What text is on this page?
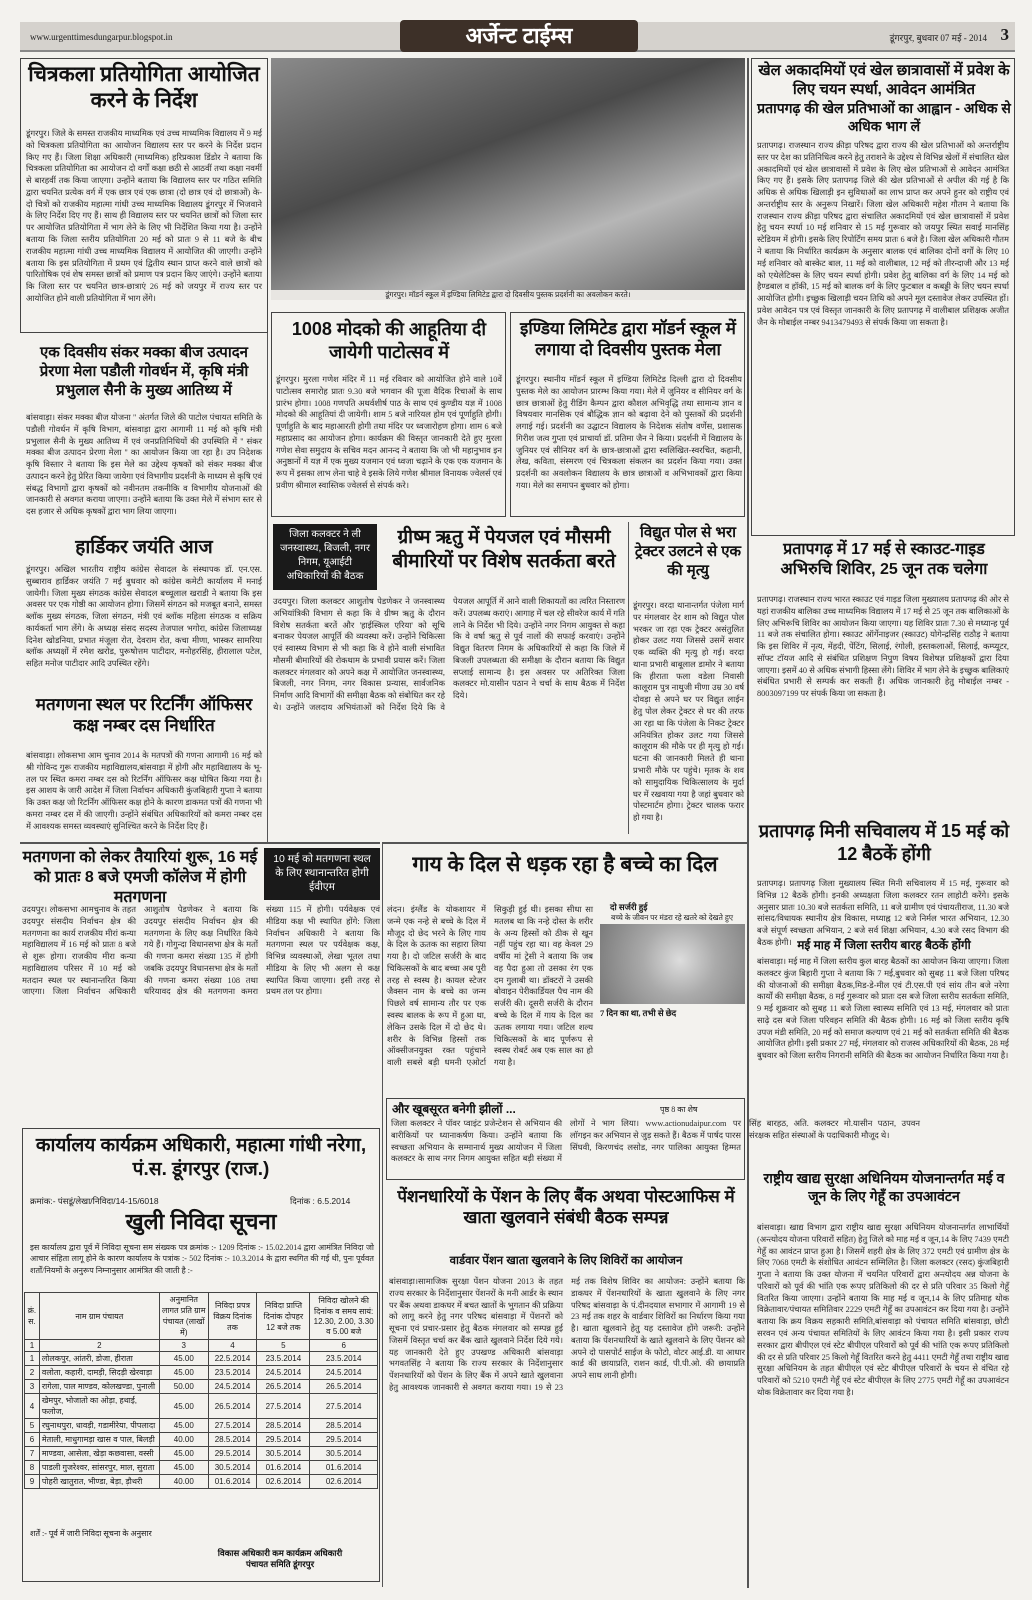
www.urgenttimesdungarpur.blogspot.in	अर्जेन्ट टाईम्स	डूंगरपुर, बुधवार 07 मई - 2014 3
चित्रकला प्रतियोगिता आयोजित करने के निर्देश
डूंगरपुर। जिले के समस्त राजकीय माध्यमिक एवं उच्च माध्यमिक विद्यालय में 9 मई को चित्रकला प्रतियोगिता का आयोजन विद्यालय स्तर पर करने के निर्देश प्रदान किए गए हैं। जिला शिक्षा अधिकारी (माध्यमिक) हरिप्रकाश डिंडोर ने बताया कि चित्रकला प्रतियोगिता का आयोजन दो वर्गों कक्षा छठी से आठवीं तथा कक्षा नवमीं से बारहवीं तक किया जाएगा। उन्होंने बताया कि विद्यालय स्तर पर गठित समिति द्वारा चयनित प्रत्येक वर्ग में एक छात्र एवं एक छात्रा (दो छात्र एवं दो छात्राओं) के- दो चित्रों को राजकीय महात्मा गांधी उच्च माध्यमिक विद्यालय डूंगरपुर में भिजवाने के लिए निर्देश दिए गए हैं। साथ ही विद्यालय स्तर पर चयनित छात्रों को जिला स्तर पर आयोजित प्रतियोगिता में भाग लेने के लिए भी निर्देशित किया गया है। उन्होंने बताया कि जिला स्तरीय प्रतियोगिता 20 मई को प्रातः 9 से 11 बजे के बीच राजकीय महात्मा गांधी उच्च माध्यमिक विद्यालय में आयोजित की जाएगी। उन्होंने बताया कि इस प्रतियोगिता में प्रथम एवं द्वितीय स्थान प्राप्त करने वाले छात्रों को पारितोषिक एवं शेष समस्त छात्रों को प्रमाण पत्र प्रदान किए जाएंगे। उन्होंने बताया कि जिला स्तर पर चयनित छात्र-छात्राएं 26 मई को जयपुर में राज्य स्तर पर आयोजित होने वाली प्रतियोगिता में भाग लेंगे।
एक दिवसीय संकर मक्का बीज उत्पादन प्रेरणा मेला पडौली गोवर्धन में, कृषि मंत्री प्रभुलाल सैनी के मुख्य आतिथ्य में
बांसवाड़ा। संकर मक्का बीज योजना '' अंतर्गत जिले की पाटोल पंचायत समिति के पडौली गोवर्धन में कृषि विभाग, बांसवाड़ा द्वारा आगामी 11 मई को कृषि मंत्री प्रभुलाल सैनी के मुख्य आतिथ्य में एवं जनप्रतिनिधियों की उपस्थिति में '' संकर मक्का बीज उत्पादन प्रेरणा मेला '' का आयोजन किया जा रहा है। उप निदेशक कृषि विस्तार ने बताया कि इस मेले का उद्देश्य कृषकों को संकर मक्का बीज उत्पादन करने हेतु प्रेरित किया जायेगा एवं विभागीय प्रदर्शनी के माध्यम से कृषि एवं संबद्ध विभागों द्वारा कृषकों को नवीनतम तकनीकि व विभागीय योजनाओं की जानकारी से अवगत कराया जाएगा। उन्होंने बताया कि उक्त मेले में संभाग स्तर से दस हजार से अधिक कृषकों द्वारा भाग लिया जाएगा।
हार्डिकर जयंति आज
डूंगरपुर। अखिल भारतीय राष्ट्रीय कांग्रेस सेवादल के संस्थापक डॉ. एन.एस. सुब्बाराव हार्डिकर जयंति 7 मई बुधवार को कांग्रेस कमेटी कार्यालय में मनाई जायेगी। जिला मुख्य संगठक कांग्रेस सेवादल बच्चूलाल खराडी ने बताया कि इस अवसर पर एक गोष्ठी का आयोजन होगा। जिसमें संगठन को मजबूत बनाने, समस्त ब्लॉक मुख्य संगठक, जिला संगठन, मंत्री एवं ब्लॉक महिला संगठक व सक्रिय कार्यकर्ता भाग लेंगे। के अध्यक्ष संसद सदस्य तेजपाल भगोरा, कांग्रेस जिलाध्यक्ष दिनेश खोडनिया, प्रभात मंजूला रोत, देवराम रोत, कचा मीणा, भास्कर सामरिया ब्लॉक अध्यक्षों में रमेश खरोड, पुरूषोत्तम पाटीदार, मनोहरसिंह, हीरालाल पटेल, सहित मनोज पाटीदार आदि उपस्थित रहेंगे।
मतगणना स्थल पर रिटर्निंग ऑफिसर कक्ष नम्बर दस निर्धारित
बांसवाड़ा। लोकसभा आम चुनाव 2014 के मतपत्रों की गणना आगामी 16 मई को श्री गोविन्द गुरू राजकीय महाविद्यालय,बांसवाड़ा में होगी और महाविद्यालय के भू-तल पर स्थित कमरा नम्बर दस को रिटर्निंग ऑफिसर कक्ष घोषित किया गया है। इस आशय के जारी आदेश में जिला निर्वाचन अधिकारी कुंजबिहारी गुप्ता ने बताया कि उक्त कक्ष जो रिटर्निंग ऑफिसर कक्ष होने के कारण डाकमत पत्रों की गणना भी कमरा नम्बर दस में की जाएगी। उन्होंने संबंधित अधिकारियों को कमरा नम्बर दस में आवश्यक समस्त व्यवस्थाएं सुनिश्चित करने के निर्देश दिए हैं।
मतगणना को लेकर तैयारियां शुरू, 16 मई को प्रातः 8 बजे एमजी कॉलेज में होगी मतगणना
10 मई को मतगणना स्थल के लिए स्थानान्तरित होगी ईवीएम
उदयपुर। लोकसभा आमचुनाव के तहत उदयपुर संसदीय निर्वाचन क्षेत्र की मतगणना का कार्य राजकीय मीरां कन्या महाविद्यालय में 16 मई को प्रातः 8 बजे से शुरू होगा। राजकीय मीरा कन्या महाविद्यालय परिसर में 10 मई को मतदान स्थल पर स्थानान्तरित किया जाएगा। जिला निर्वाचन अधिकारी आशुतोष पेडणेकर ने बताया कि उदयपुर संसदीय निर्वाचन क्षेत्र की मतगणना के लिए कक्ष निर्धारित किये गये हैं। गोगुन्दा विधानसभा क्षेत्र के मतों की गणना कमरा संख्या 135 में होगी जबकि उदयपुर विधानसभा क्षेत्र के मतों की गणना कमरा संख्या 108 तथा धरियावद क्षेत्र की मतगणना कमरा संख्या 115 में होगी। पर्यवेक्षक एवं मीडिया कक्ष भी स्थापित होंगे: जिला निर्वाचन अधिकारी ने बताया कि मतगणना स्थल पर पर्यवेक्षक कक्ष, विभिन्न व्यवस्थाओं, लेखा भूतल तथा मीडिया के लिए भी अलग से कक्ष स्थापित किया जाएगा। इसी तरह से प्रथम तल पर होगा।
कार्यालय कार्यक्रम अधिकारी, महात्मा गांधी नरेगा, पं.स. डूंगरपुर (राज.)
क्रमांक:- पंसडूं/लेखा/निविदा/14-15/6018	दिनांक : 6.5.2014
खुली निविदा सूचना
इस कार्यालय द्वारा पूर्व में निविदा सूचना सम संख्यक पत्र क्रमांक :- 1209 दिनांक :- 15.02.2014 द्वारा आमंत्रित निविदा जो आचार संहिता लागू होने के कारण कार्यालय के पत्रांक :- 502 दिनांक :- 10.3.2014 के द्वारा स्थगित की गई थी, पुनः पूर्ववत शर्तों/नियमों के अनुरूप निम्नानुसार आमंत्रित की जाती है :-
क्रं. स.	नाम ग्राम पंचायत	अनुमानित लागत प्रति ग्राम पंचायत (लाखों में)	निविदा प्रपत्र विक्रय दिनांक तक	निविदा प्राप्ति दिनांक दोपहर 12 बजे तक	निविदा खोलने की दिनांक व समय सायं: 12.30, 2.00, 3.30 व 5.00 बजे
1	2	3	4	5	6
1	लोलकपुर, आंतरी, डोजा, हीराता	45.00	22.5.2014	23.5.2014	23.5.2014
2	वलोता, कहारी, दामड़ी, सिदड़ी खेरवाड़ा	45.00	23.5.2014	24.5.2014	24.5.2014
3	रागेला, पाल माण्डव, कोलखण्डा, पुनाली	50.00	24.5.2014	26.5.2014	26.5.2014
4	खेमपुर, भोजातो का ओड़ा, हथाई, फलोज,	45.00	26.5.2014	27.5.2014	27.5.2014
5	रघुनाथपुरा, धावड़ी, गडामीरेया, पीपलादा	45.00	27.5.2014	28.5.2014	28.5.2014
6	मेताली, माधुगामड़ा खास व पाल, बिलड़ी	40.00	28.5.2014	29.5.2014	29.5.2014
7	माण्डवा, आसेला, खेड़ा कछवासा, वस्सी	45.00	29.5.2014	30.5.2014	30.5.2014
8	पाडली गुजरेश्वर, सांसरपुर, माल, सुराता	45.00	30.5.2014	01.6.2014	01.6.2014
9	पोहरी खातुरात, भीण्डा, बेड़ा, ड़ौथरी	40.00	01.6.2014	02.6.2014	02.6.2014
शर्तें :- पूर्व में जारी निविदा सूचना के अनुसार
विकास अधिकारी कम कार्यक्रम अधिकारी
पंचायत समिति डूंगरपुर
डूंगरपुर। मॉडर्न स्कूल में इण्डिया लिमिटेड द्वारा दो दिवसीय पुस्तक प्रदर्शनी का अवलोकन करते।
1008 मोदको की आहूतिया दी जायेगी पाटोत्सव में
डूंगरपुर। मुरला गणेश मंदिर में 11 मई रविवार को आयोजित होने वाले 10वें पाटोत्सव समारोह प्रातः 9.30 बजे भगवान की पूजा वैदिक रिचाओं के साथ प्रारंभ होगा। 1008 गणपति अथर्वशीर्ष पाठ के साथ एवं कुण्डीय यज्ञ में 1008 मोदको की आहूतियां दी जायेगी। शाम 5 बजे नारियल होम एवं पूर्णाहुति होगी। पूर्णाहुति के बाद महाआरती होगी तथा मंदिर पर ध्वजारोहण होगा। शाम 6 बजे महाप्रसाद का आयोजन होगा। कार्यक्रम की विस्तृत जानकारी देते हुए मुरला गणेश सेवा समुदाय के सचिव मदन आनन्द ने बताया कि जो भी महानुभाव इन अनुष्ठानों में यज्ञ में एक मुख्य यजमान एवं ध्वजा चढ़ाने के एक एक यजमान के रूप में इसका लाभ लेना चाहे वे इसके लिये गणेश श्रीमाल विनायक ज्वेलर्स एवं प्रवीण श्रीमाल स्वास्तिक ज्वेलर्स से संपर्क करे।
इण्डिया लिमिटेड द्वारा मॉडर्न स्कूल में लगाया दो दिवसीय पुस्तक मेला
डूंगरपुर। स्थानीय मॉडर्न स्कूल में इण्डिया लिमिटेड दिल्ली द्वारा दो दिवसीय पुस्तक मेले का आयोजन प्रारम्भ किया गया। मेले में जुनियर व सीनियर वर्ग के छात्र छात्राओं हेतु रीडिंग कैम्पन द्वारा कौशल अभिवृद्धि तथा सामान्य ज्ञान व विषयवार मानसिक एवं बौद्धिक ज्ञान को बढ़ावा देने को पुस्तकों की प्रदर्शनी लगाई गई। प्रदर्शनी का उद्घाटन विद्यालय के निदेशक संतोष वर्णेस, प्रशासक गिरीश जत्व गुप्ता एवं प्राचार्या डॉ. प्रतिमा जैन ने किया। प्रदर्शनी में विद्यालय के जुनियर एवं सीनियर वर्ग के छात्र-छात्राओं द्वारा स्वलिखित-स्वरचित, कहानी, लेख, कविता, संस्मरण एवं चित्रकला संकलन का प्रदर्शन किया गया। उक्त प्रदर्शनी का अवलोकन विद्यालय के छात्र छात्राओं व अभिभावकों द्वारा किया गया। मेले का समापन बुधवार को होगा।
जिला कलक्टर ने ली जनस्वास्थ्य, बिजली, नगर निगम, यूआईटी अधिकारियों की बैठक
ग्रीष्म ऋतु में पेयजल एवं मौसमी बीमारियों पर विशेष सतर्कता बरते
उदयपुर। जिला कलक्टर आशुतोष पेडणेकर ने जनस्वास्थ्य अभियांत्रिकी विभाग से कहा कि वे ग्रीष्म ऋतु के दौरान विशेष सतर्कता बरतें और 'हाईस्किल एरिया' को सूचि बनाकर पेयजल आपूर्ति की व्यवस्था करें। उन्होंने चिकित्सा एवं स्वास्थ्य विभाग से भी कहा कि वे होने वाली संभावित मौसमी बीमारियों की रोकथाम के प्रभावी प्रयास करें। जिला कलक्टर मंगलवार को अपने कक्ष में आयोजित जनस्वास्थ्य, बिजली, नगर निगम, नगर विकास प्रन्यास, सार्वजनिक निर्माण आदि विभागों की समीक्षा बैठक को संबोधित कर रहे थे। उन्होंने जलदाय अभियंताओं को निर्देश दिये कि वे पेयजल आपूर्ति में आने वाली शिकायतों का त्वरित निस्तारण करें। उपलब्ध कराएं। आगाह में चल रहे सीवरेज कार्य में गति लाने के निर्देश भी दिये। उन्होंने नगर निगम आयुक्त से कहा कि वे वर्षा ऋतु से पूर्व नालों की सफाई करवाएं। उन्होंने विद्युत वितरण निगम के अधिकारियों से कहा कि जिले में बिजली उपलब्धता की समीक्षा के दौरान बताया कि विद्युत सप्लाई सामान्य है। इस अवसर पर अतिरिक्त जिला कलक्टर मो.यासीन पठान ने चर्चा के साथ बैठक में निर्देश दिये।
विद्युत पोल से भरा ट्रेक्टर उलटने से एक की मृत्यु
डूंगरपुर। वरदा थानान्तर्गत पंजेला मार्ग पर मंगलवार देर शाम को विद्युत पोल भरकर जा रहा एक ट्रेक्टर असंतुलित होकर उलट गया जिससे उसमें सवार एक व्यक्ति की मृत्यु हो गई। वरदा थाना प्रभारी बाबूलाल डामोर ने बताया कि हीराता फला वडेला निवासी कालूराम पुत्र नाथुजी मीणा उम्र 30 वर्ष दोवड़ा से अपने घर पर विद्युत लाईन हेतु पोल लेकर ट्रेक्टर से घर की तरफ आ रहा था कि पंजेला के निकट ट्रेक्टर अनियंत्रित होकर उलट गया जिससे कालूराम की मौके पर ही मृत्यु हो गई। घटना की जानकारी मिलते ही थाना प्रभारी मौके पर पहुंचे। मृतक के शव को सामुदायिक चिकित्सालय के मुर्दा घर में रखवाया गया है जहां बुधवार को पोस्टमार्टम होगा। ट्रेक्टर चालक फरार हो गया है।
गाय के दिल से धड़क रहा है बच्चे का दिल
दो सर्जरी हुई
बच्चे के जीवन पर मंडरा रहे खतरे को देखते हुए
लंदन। इंग्लैंड के योकशायर में जन्मे एक नन्हे से बच्चे के दिल में मौजूद दो छेद भरने के लिए गाय के दिल के ऊतक का सहारा लिया गया है। दो जटिल सर्जरी के बाद चिकित्सकों के बाद बच्चा अब पूरी तरह से स्वस्थ है। कायल स्टेजर जैक्सन नाम के बच्चे का जन्म पिछले वर्ष सामान्य तौर पर एक स्वस्थ बालक के रूप में हुआ था, लेकिन उसके दिल में दो छेद थे। शरीर के विभिन्न हिस्सों तक ऑक्सीजनयुक्त रक्त पहुंचाने वाली सबसे बड़ी धमनी एओर्टा सिकुड़ी हुई थी। इसका सीधा सा मतलब था कि नन्हे दोस्त के शरीर के अन्य हिस्सों को ठीक से खून नहीं पहुंच रहा था। वह केवल 29 वर्षीय मां ट्रेसी ने बताया कि जब वह पैदा हुआ तो उसका रंग एक दम गुलाबी था। डॉक्टरों ने उसकी बोवाइन पेरीकार्डियल पैच नाम की सर्जरी की। दूसरी सर्जरी के दौरान बच्चे के दिल में गाय के दिल का ऊतक लगाया गया। जटिल शल्य चिकित्सकों के बाद पूर्णरूप से स्वस्थ रोबर्ट अब एक साल का हो गया है।
7 दिन का था, तभी से छेद
और खूबसूरत बनेगी झीलों ...	पृष्ठ 8 का शेष
जिला कलक्टर ने पॉवर प्वाइंट प्रजेन्टेशन से अभियान की बारीकियों पर ध्यानाकर्षण किया। उन्होंने बताया कि स्वच्छता अभियान के सम्मानार्थ मुख्य आयोजन में जिला कलक्टर के साथ नगर निगम आयुक्त सहित बड़ी संख्या में लोगों ने भाग लिया। www.actionudaipur.com पर लॉगइन कर अभियान से जुड़ सकते हैं। बैठक में पार्षद पारस सिंघवी, किरणचंद लसोड, नगर पालिका आयुक्त हिम्मत सिंह बारहठ, अति. कलक्टर मो.यासीन पठान, उपवन संरक्षक सहित संस्थाओं के पदाधिकारी मौजूद थे।
पेंशनधारियों के पेंशन के लिए बैंक अथवा पोस्टआफिस में खाता खुलवाने संबंधी बैठक सम्पन्न
वार्डवार पेंशन खाता खुलवाने के लिए शिविरों का आयोजन
बांसवाड़ा।सामाजिक सुरक्षा पेंशन योजना 2013 के तहत राज्य सरकार के निर्देशानुसार पेंशनरों के मनी आर्डर के स्थान पर बैंक अथवा डाकघर में बचत खातों के भुगतान की प्रक्रिया को लागू करने हेतु नगर परिषद बांसवाड़ा में पेंशनरों को सूचना एवं प्रचार-प्रसार हेतु बैठक मंगलवार को सम्पन्न हुई जिसमें विस्तृत चर्चा कर बैंक खाते खुलवाने निर्देश दिये गये। यह जानकारी देते हुए उपखण्ड अधिकारी बांसवाड़ा भगवतसिंह ने बताया कि राज्य सरकार के निर्देशानुसार पेंशनधारियों को पेंशन के लिए बैंक में अपने खाते खुलवाना हेतु आवश्यक जानकारी से अवगत कराया गया। 19 से 23 मई तक विशेष शिविर का आयोजन: उन्होंने बताया कि डाकघर में पेंशनधारियों के खाता खुलवाने के लिए नगर परिषद बांसवाड़ा के पं.दीनदयाल सभागार में आगामी 19 से 23 मई तक शहर के वार्डवार शिविरों का निर्धारण किया गया है। खाता खुलवाने हेतु यह दस्तावेज होंगे जरूरी: उन्होंने बताया कि पेंशनधारियों के खाते खुलवाने के लिए पेंशनर को अपने दो पासपोर्ट साईज के फोटो, वोटर आई.डी. या आधार कार्ड की छायाप्रति, राशन कार्ड, पी.पी.ओ. की छायाप्रति अपने साथ लानी होगी।
खेल अकादमियों एवं खेल छात्रावासों में प्रवेश के लिए चयन स्पर्धा, आवेदन आमंत्रित
प्रतापगढ़ की खेल प्रतिभाओं का आह्वान - अधिक से अधिक भाग लें
प्रतापगढ़। राजस्थान राज्य क्रीड़ा परिषद द्वारा राज्य की खेल प्रतिभाओं को अन्तर्राष्ट्रीय स्तर पर देश का प्रतिनिधित्व करने हेतु तराशने के उद्देश्य से विभिन्न खेलों में संचालित खेल अकादमियों एवं खेल छात्रावासों में प्रवेश के लिए खेल प्रतिभाओं से आवेदन आमंत्रित किए गए हैं। इसके लिए प्रतापगढ़ जिले की खेल प्रतिभाओं से अपील की गई है कि अधिक से अधिक खिलाड़ी इन सुविधाओं का लाभ प्राप्त कर अपने हुनर को राष्ट्रीय एवं अन्तर्राष्ट्रीय स्तर के अनुरूप निखारें। जिला खेल अधिकारी महेश गौतम ने बताया कि राजस्थान राज्य क्रीड़ा परिषद द्वारा संचालित अकादमियों एवं खेल छात्रावासों में प्रवेश हेतु चयन स्पर्धा 10 मई शनिवार से 15 मई गुरूवार को जयपुर स्थित सवाई मानसिंह स्टेडियम में होगी। इसके लिए रिपोर्टिंग समय प्रातः 6 बजे है। जिला खेल अधिकारी गौतम ने बताया कि निर्धारित कार्यक्रम के अनुसार बालक एवं बालिका दोनों वर्गों के लिए 10 मई शनिवार को बास्केट बाल, 11 मई को वालीबाल, 12 मई को तीरन्दाजी और 13 मई को एथेलेटिक्स के लिए चयन स्पर्धा होगी। प्रवेश हेतु बालिका वर्ग के लिए 14 मई को हैण्डबाल व हॉकी, 15 मई को बालक वर्ग के लिए फुटबाल व कबड्डी के लिए चयन स्पर्धा आयोजित होगी। इच्छुक खिलाड़ी चयन तिथि को अपने मूल दस्तावेज लेकर उपस्थित हों। प्रवेश आवेदन पत्र एवं विस्तृत जानकारी के लिए प्रतापगढ़ में वालीबाल प्रशिक्षक अजीत जैन के मोबाईल नम्बर 9413479493 से संपर्क किया जा सकता है।
प्रतापगढ़ में 17 मई से स्काउट-गाइड अभिरुचि शिविर, 25 जून तक चलेगा
प्रतापगढ़। राजस्थान राज्य भारत स्काउट एवं गाइड जिला मुख्यालय प्रतापगढ़ की ओर से यहां राजकीय बालिका उच्च माध्यमिक विद्यालय में 17 मई से 25 जून तक बालिकाओं के लिए अभिरूचि शिविर का आयोजन किया जाएगा। यह शिविर प्रातः 7.30 से मध्यान्ह पूर्व 11 बजे तक संचालित होगा। स्काउट ऑर्गेनाइजर (स्काउट) योगेन्द्रसिंह राठौड़ ने बताया कि इस शिविर में नृत्य, मेंहदी, पेंटिंग, सिलाई, रंगोली, हस्तकलाओं, सिलाई, कम्प्यूटर, सॉफ्ट टॉयज आदि से संबंधित प्रशिक्षण निपुण विषय विशेषज्ञ प्रशिक्षकों द्वारा दिया जाएगा। इसमें 40 से अधिक संभागी हिस्सा लेंगे। शिविर में भाग लेने के इच्छुक बालिकाएं संबंधित प्रभारी से सम्पर्क कर सकती हैं। अधिक जानकारी हेतु मोबाईल नम्बर - 8003097199 पर संपर्क किया जा सकता है।
प्रतापगढ़ मिनी सचिवालय में 15 मई को 12 बैठकें होंगी
प्रतापगढ़। प्रतापगढ़ जिला मुख्यालय स्थित मिनी सचिवालय में 15 मई, गुरूवार को विभिन्न 12 बैठकें होंगी। इनकी अध्यक्षता जिला कलक्टर रतन लाहोटी करेंगे। इसके अनुसार प्रातः 10.30 बजे सतर्कता समिति, 11 बजे ग्रामीण एवं पंचायतीराज, 11.30 बजे सांसद/विधायक स्थानीय क्षेत्र विकास, मध्याह्न 12 बजे निर्मल भारत अभियान, 12.30 बजे संपूर्ण स्वच्छता अभियान, 2 बजे सर्व शिक्षा अभियान, 4.30 बजे रसद विभाग की बैठक होगी। मई माह में जिला स्तरीय बारह बैठकें होंगी
बांसवाड़ा। मई माह में जिला स्तरीय कुल बारह बैठकों का आयोजन किया जाएगा। जिला कलक्टर कुंज बिहारी गुप्ता ने बताया कि 7 मई,बुधवार को सुबह 11 बजे जिला परिषद की योजनाओं की समीक्षा बैठक,मिड-डे-मील एवं टी.एस.पी एवं सांय तीन बजे नरेगा कार्यों की समीक्षा बैठक, 8 मई गुरूवार को प्रातः दस बजे जिला स्तरीय सतर्कता समिति, 9 मई शुक्रवार को सुबह 11 बजे जिला स्वास्थ्य समिति एवं 13 मई, मंगलवार को प्रातः साढ़े दस बजे जिला परिवहन समिति की बैठक होगी। 16 मई को जिला स्तरीय कृषि उपज मंडी समिति, 20 मई को समाज कल्याण एवं 21 मई को सतर्कता समिति की बैठक आयोजित होगी। इसी प्रकार 27 मई, मंगलवार को राजस्व अधिकारियों की बैठक, 28 मई बुधवार को जिला स्तरीय निगरानी समिति की बैठक का आयोजन निर्धारित किया गया है।
राष्ट्रीय खाद्य सुरक्षा अधिनियम योजनान्तर्गत मई व जून के लिए गेहूँ का उपआवंटन
बांसवाड़ा। खाद्य विभाग द्वारा राष्ट्रीय खाद्य सुरक्षा अधिनियम योजनान्तर्गत लाभार्थियों (अन्त्योदय योजना परिवारों सहित) हेतु जिले को माह मई व जून,14 के लिए 7439 एमटी गेहूँ का आवंटन प्राप्त हुआ है। जिसमें शहरी क्षेत्र के लिए 372 एमटी एवं ग्रामीण क्षेत्र के लिए 7068 एमटी के संशोधित आवंटन सम्मिलित है। जिला कलक्टर (रसद) कुंजबिहारी गुप्ता ने बताया कि उक्त योजना में चयनित परिवारों द्वारा अन्त्योदय अन्न योजना के परिवारों को पूर्व की भांति एक रूपए प्रतिकिलो की दर से प्रति परिवार 35 किलो गेहूँ वितरित किया जाएगा। उन्होंने बताया कि माह मई व जून,14 के लिए प्रतिमाह थोक विक्रेतावार/पंचायत समितिवार 2229 एमटी गेहूँ का उपआवंटन कर दिया गया है। उन्होंने बताया कि क्रय विक्रय सहकारी समिति,बांसवाड़ा को पंचायत समिति बांसवाड़ा, छोटी सरवन एवं अन्य पंचायत समितियों के लिए आवंटन किया गया है। इसी प्रकार राज्य सरकार द्वारा बीपीएल एवं स्टेट बीपीएल परिवारों को पूर्व की भांति एक रूपए प्रतिकिलो की दर से प्रति परिवार 25 किलो गेहूँ वितरित करने हेतु 4411 एमटी गेहूँ तथा राष्ट्रीय खाद्य सुरक्षा अधिनियम के तहत बीपीएल एवं स्टेट बीपीएल परिवारों के चयन से वंचित रहे परिवारों को 5210 एमटी गेहूँ एवं स्टेट बीपीएल के लिए 2775 एमटी गेहूँ का उपआवंटन थोक विक्रेतावार कर दिया गया है।
